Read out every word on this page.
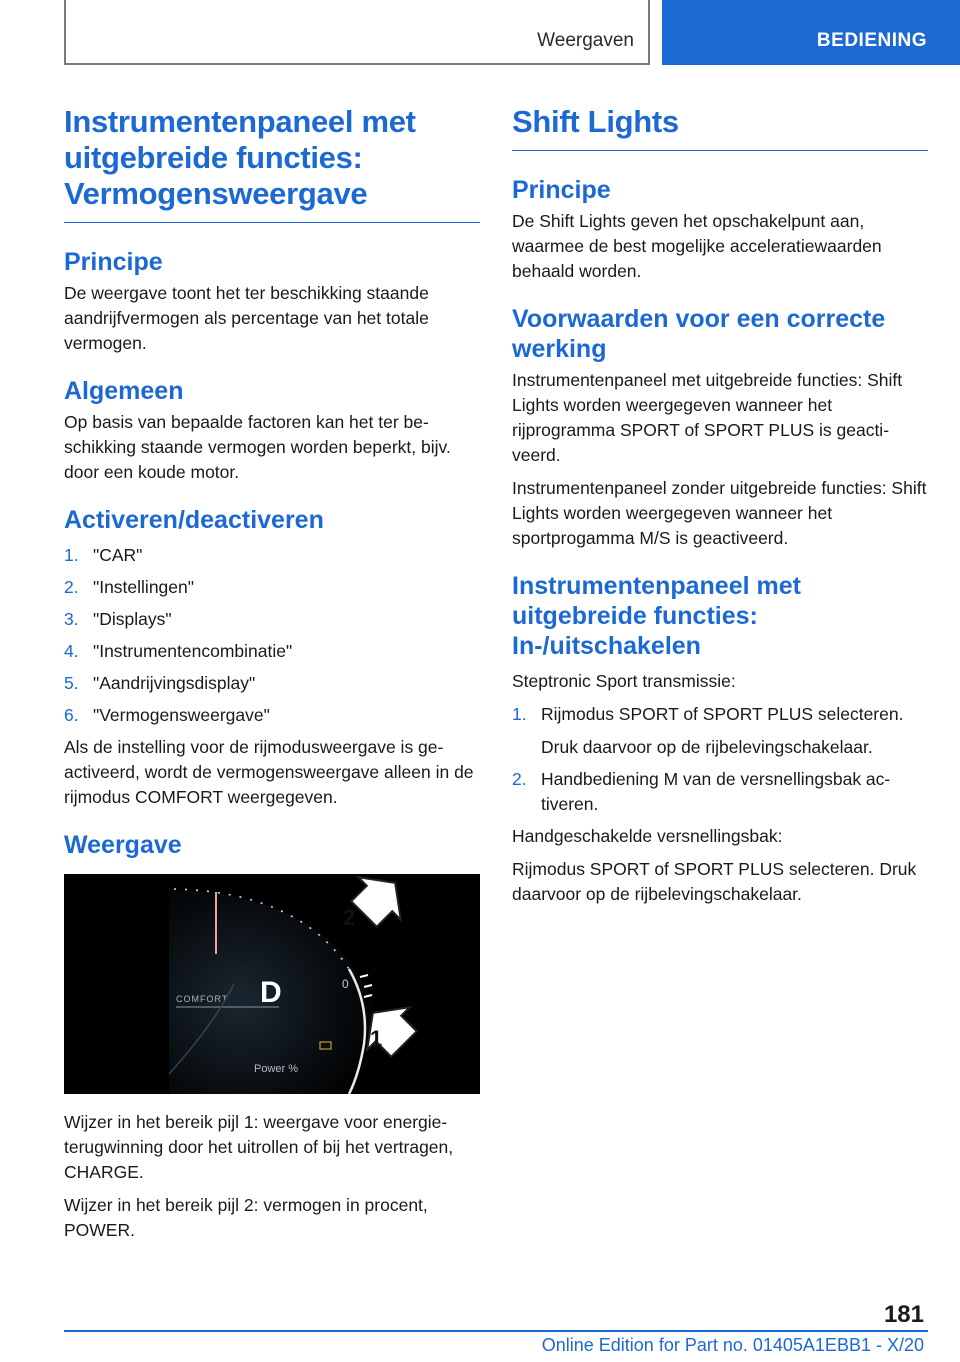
Weergaven	BEDIENING
Instrumentenpaneel met uitgebreide functies: Vermogensweergave
Principe

De weergave toont het ter beschikking staande aandrijfvermogen als percentage van het totale vermogen.

Algemeen

Op basis van bepaalde factoren kan het ter beschikking staande vermogen worden beperkt, bijv. door een koude motor.

Activeren/deactiveren
1. "CAR"
2. "Instellingen"
3. "Displays"
4. "Instrumentencombinatie"
5. "Aandrijvingsdisplay"
6. "Vermogensweergave"

Als de instelling voor de rijmodusweergave is geactiveerd, wordt de vermogensweergave alleen in de rijmodus COMFORT weergegeven.

Weergave
D
COMFORT
0
Power %
2
1

Wijzer in het bereik pijl 1: weergave voor energieterugwinning door het uitrollen of bij het vertragen, CHARGE.

Wijzer in het bereik pijl 2: vermogen in procent, POWER.

Shift Lights
Principe

De Shift Lights geven het opschakelpunt aan, waarmee de best mogelijke acceleratiewaarden behaald worden.

Voorwaarden voor een correcte werking

Instrumentenpaneel met uitgebreide functies: Shift Lights worden weergegeven wanneer het rijprogramma SPORT of SPORT PLUS is geactiveerd.

Instrumentenpaneel zonder uitgebreide functies: Shift Lights worden weergegeven wanneer het sportprogamma M/S is geactiveerd.

Instrumentenpaneel met uitgebreide functies: In-/uitschakelen

Steptronic Sport transmissie:

1. Rijmodus SPORT of SPORT PLUS selecteren.
Druk daarvoor op de rijbelevingschakelaar.
2. Handbediening M van de versnellingsbak activeren.

Handgeschakelde versnellingsbak:

Rijmodus SPORT of SPORT PLUS selecteren. Druk daarvoor op de rijbelevingschakelaar.

181
Online Edition for Part no. 01405A1EBB1 - X/20
